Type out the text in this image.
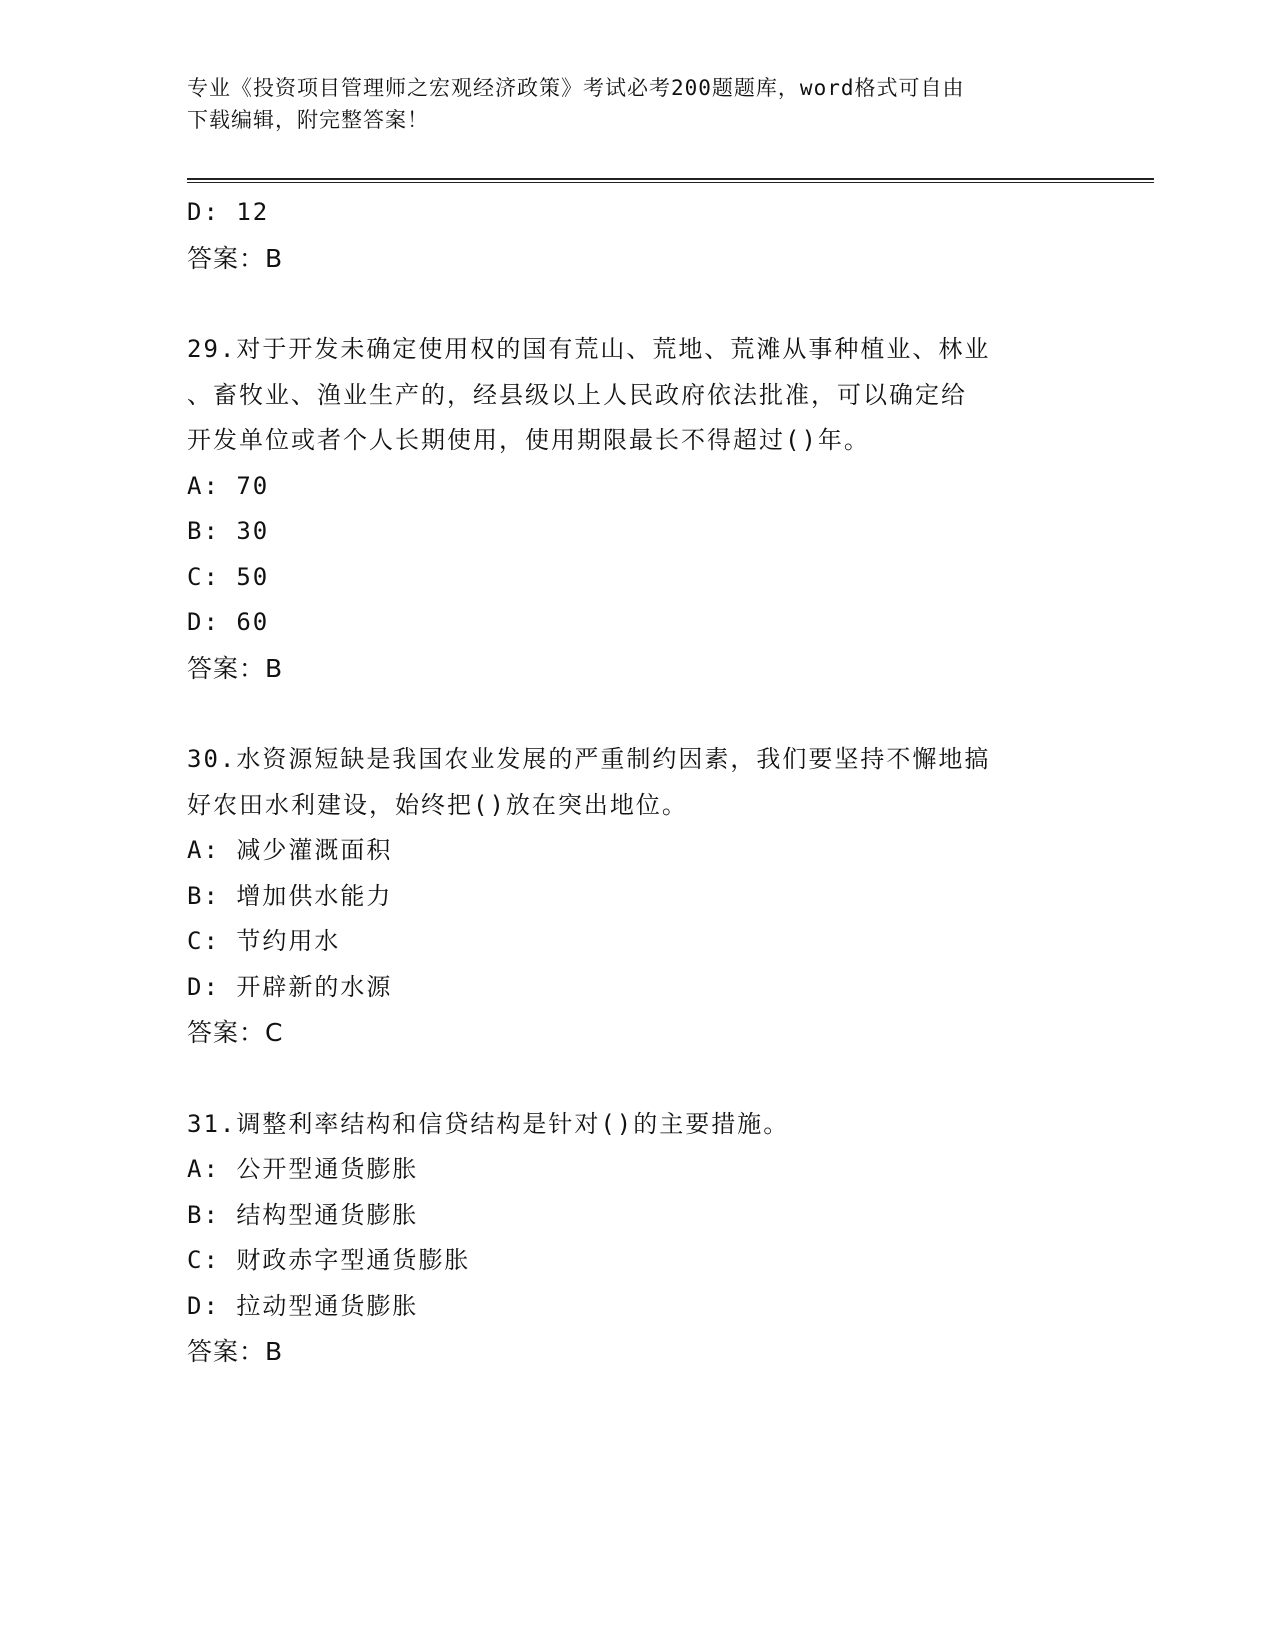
专业《投资项目管理师之宏观经济政策》考试必考200题题库，word格式可自由
下载编辑，附完整答案！
D: 12
答案：B
29.对于开发未确定使用权的国有荒山、荒地、荒滩从事种植业、林业
、畜牧业、渔业生产的，经县级以上人民政府依法批准，可以确定给
开发单位或者个人长期使用，使用期限最长不得超过()年。
A: 70
B: 30
C: 50
D: 60
答案：B
30.水资源短缺是我国农业发展的严重制约因素，我们要坚持不懈地搞
好农田水利建设，始终把()放在突出地位。
A: 减少灌溉面积
B: 增加供水能力
C: 节约用水
D: 开辟新的水源
答案：C
31.调整利率结构和信贷结构是针对()的主要措施。
A: 公开型通货膨胀
B: 结构型通货膨胀
C: 财政赤字型通货膨胀
D: 拉动型通货膨胀
答案：B
